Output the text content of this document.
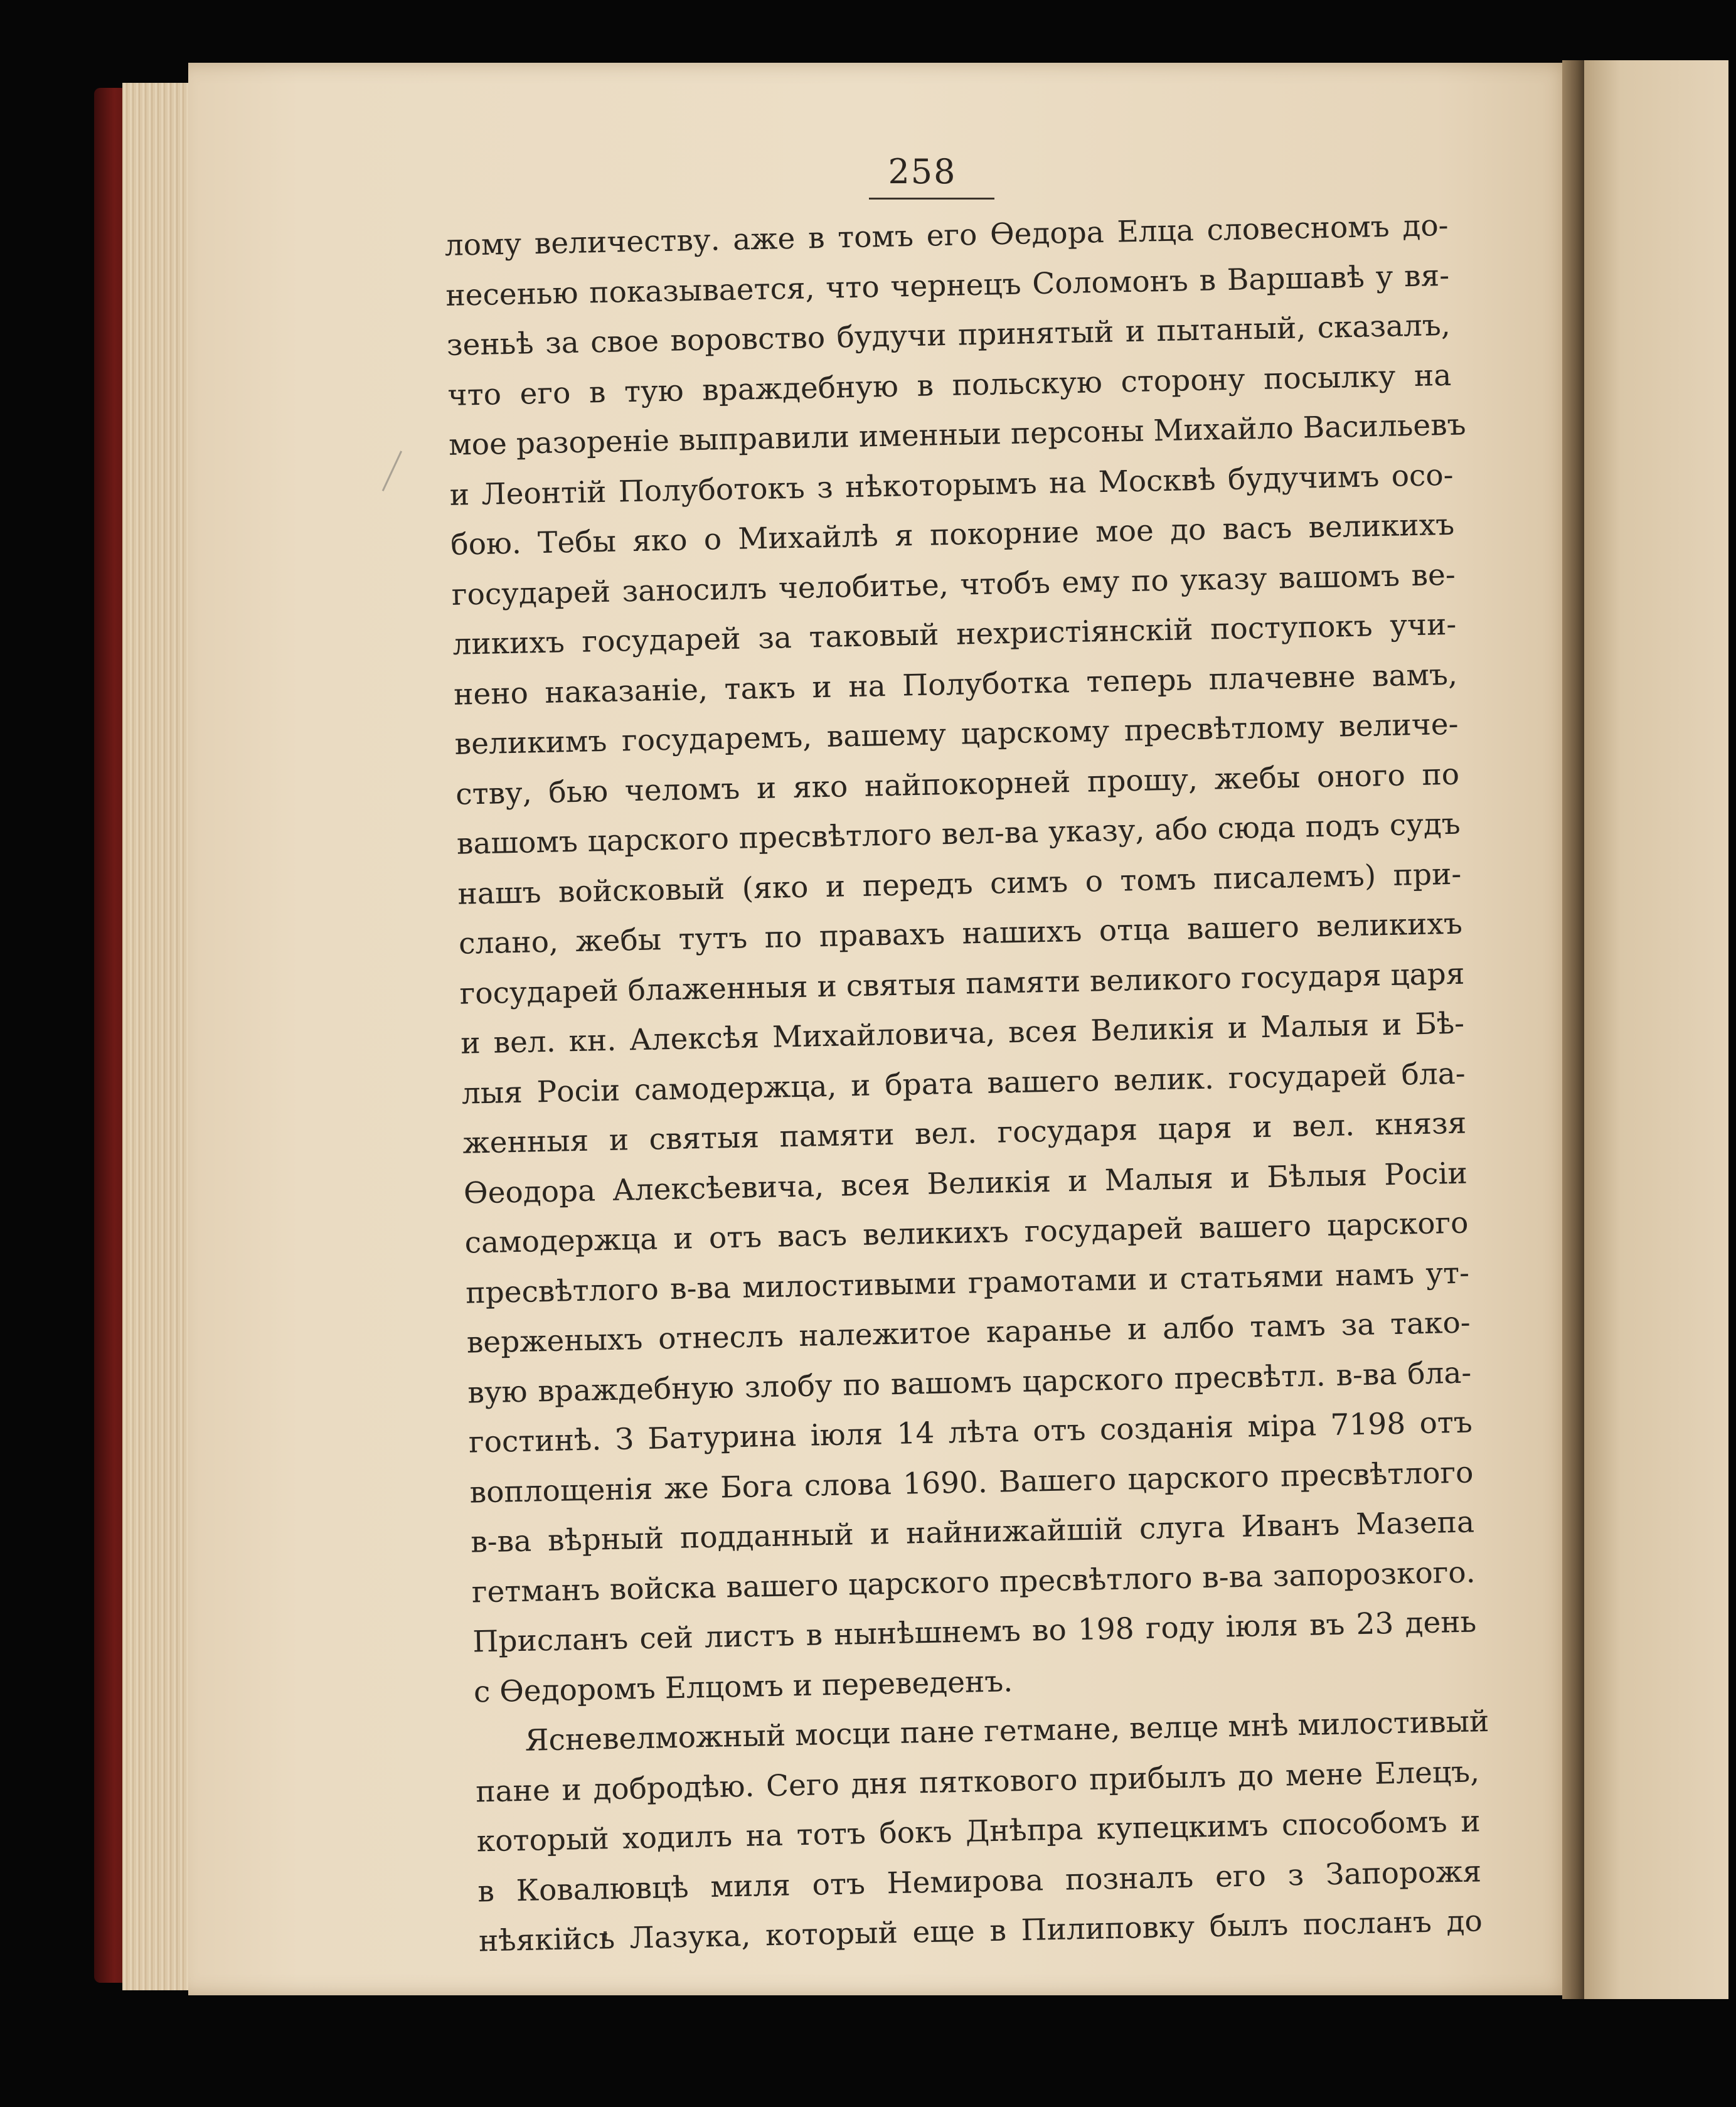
258
лому величеству. аже в томъ его Өедора Елца словесномъ до-
несенью показывается, что чернецъ Соломонъ в Варшавѣ у вя-
зеньѣ за свое воровство будучи принятый и пытаный, сказалъ,
что его в тую враждебную в польскую сторону посылку на
мое разореніе выправили именныи персоны Михайло Васильевъ
и Леонтій Полуботокъ з нѣкоторымъ на Москвѣ будучимъ осо-
бою. Тебы яко о Михайлѣ я покорние мое до васъ великихъ
государей заносилъ челобитье, чтобъ ему по указу вашомъ ве-
ликихъ государей за таковый нехристіянскій поступокъ учи-
нено наказаніе, такъ и на Полуботка теперь плачевне вамъ,
великимъ государемъ, вашему царскому пресвѣтлому величе-
ству, бью челомъ и яко найпокорней прошу, жебы оного по
вашомъ царского пресвѣтлого вел-ва указу, або сюда подъ судъ
нашъ войсковый (яко и передъ симъ о томъ писалемъ) при-
слано, жебы тутъ по правахъ нашихъ отца вашего великихъ
государей блаженныя и святыя памяти великого государя царя
и вел. кн. Алексѣя Михайловича, всея Великія и Малыя и Бѣ-
лыя Росіи самодержца, и брата вашего велик. государей бла-
женныя и святыя памяти вел. государя царя и вел. князя
Өеодора Алексѣевича, всея Великія и Малыя и Бѣлыя Росіи
самодержца и отъ васъ великихъ государей вашего царского
пресвѣтлого в-ва милостивыми грамотами и статьями намъ ут-
верженыхъ отнеслъ належитое каранье и албо тамъ за тако-
вую враждебную злобу по вашомъ царского пресвѣтл. в-ва бла-
гостинѣ. З Батурина іюля 14 лѣта отъ созданія міра 7198 отъ
воплощенія же Бога слова 1690. Вашего царского пресвѣтлого
в-ва вѣрный подданный и найнижайшій слуга Иванъ Мазепа
гетманъ войска вашего царского пресвѣтлого в-ва запорозкого.
Присланъ сей листъ в нынѣшнемъ во 198 году іюля въ 23 день
с Өедоромъ Елцомъ и переведенъ.
Ясневелможный мосци пане гетмане, велце мнѣ милостивый
пане и добродѣю. Сего дня пяткового прибылъ до мене Елецъ,
который ходилъ на тотъ бокъ Днѣпра купецкимъ способомъ и
в Ковалювцѣ миля отъ Немирова позналъ его з Запорожя
нѣякійсь Лазука, который еще в Пилиповку былъ посланъ до
